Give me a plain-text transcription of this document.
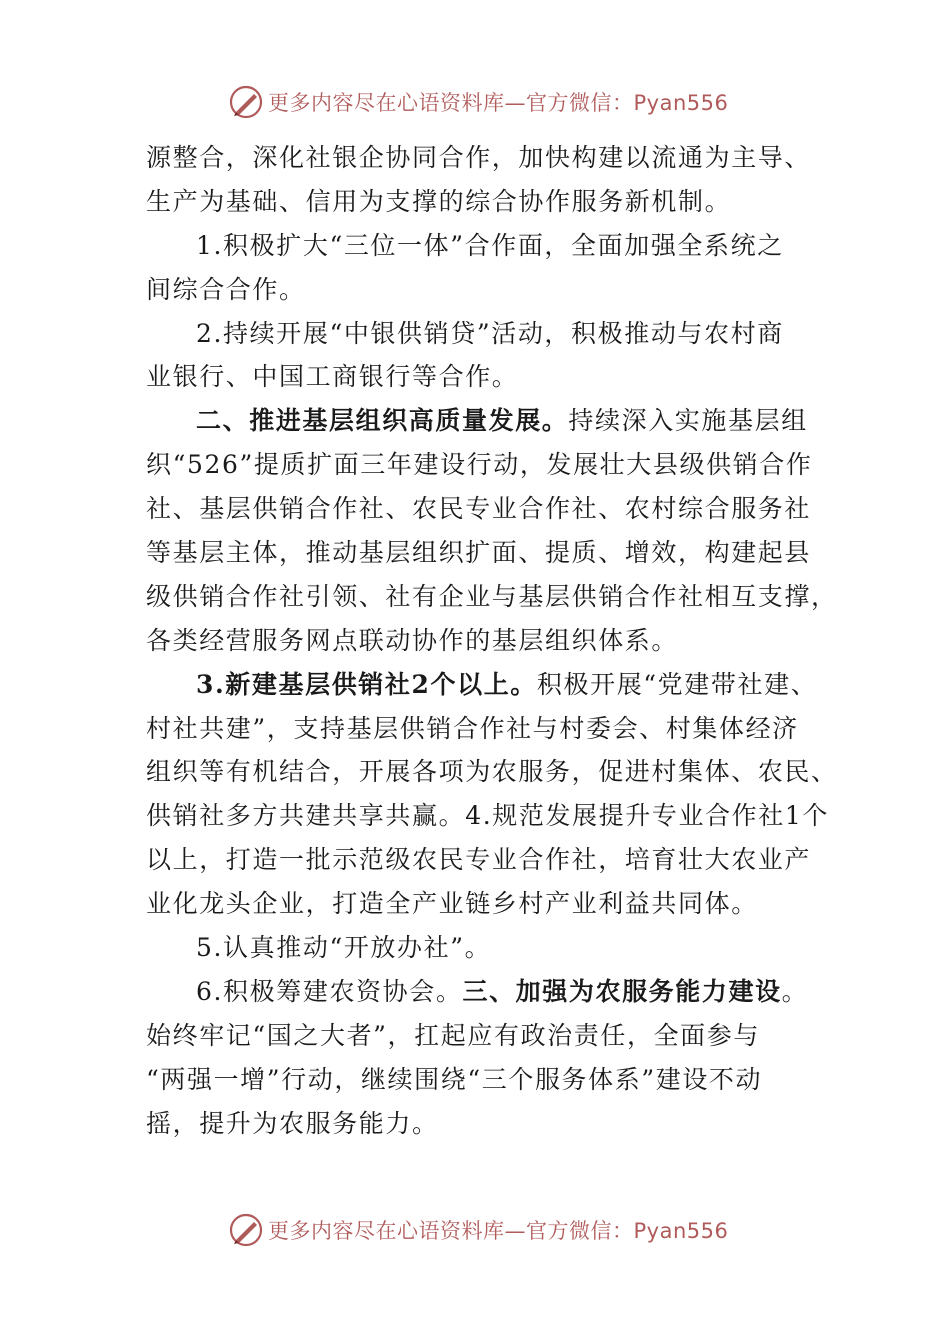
更多内容尽在心语资料库—官方微信：Pyan556
源整合，深化社银企协同合作，加快构建以流通为主导、
生产为基础、信用为支撑的综合协作服务新机制。
1.积极扩大“三位一体”合作面，全面加强全系统之
间综合合作。
2.持续开展“中银供销贷”活动，积极推动与农村商
业银行、中国工商银行等合作。
二、推进基层组织高质量发展。持续深入实施基层组
织“526”提质扩面三年建设行动，发展壮大县级供销合作
社、基层供销合作社、农民专业合作社、农村综合服务社
等基层主体，推动基层组织扩面、提质、增效，构建起县
级供销合作社引领、社有企业与基层供销合作社相互支撑，
各类经营服务网点联动协作的基层组织体系。
3.新建基层供销社2个以上。积极开展“党建带社建、
村社共建”，支持基层供销合作社与村委会、村集体经济
组织等有机结合，开展各项为农服务，促进村集体、农民、
供销社多方共建共享共赢。4.规范发展提升专业合作社1个
以上，打造一批示范级农民专业合作社，培育壮大农业产
业化龙头企业，打造全产业链乡村产业利益共同体。
5.认真推动“开放办社”。
6.积极筹建农资协会。三、加强为农服务能力建设。
始终牢记“国之大者”，扛起应有政治责任，全面参与
“两强一增”行动，继续围绕“三个服务体系”建设不动
摇，提升为农服务能力。
更多内容尽在心语资料库—官方微信：Pyan556
